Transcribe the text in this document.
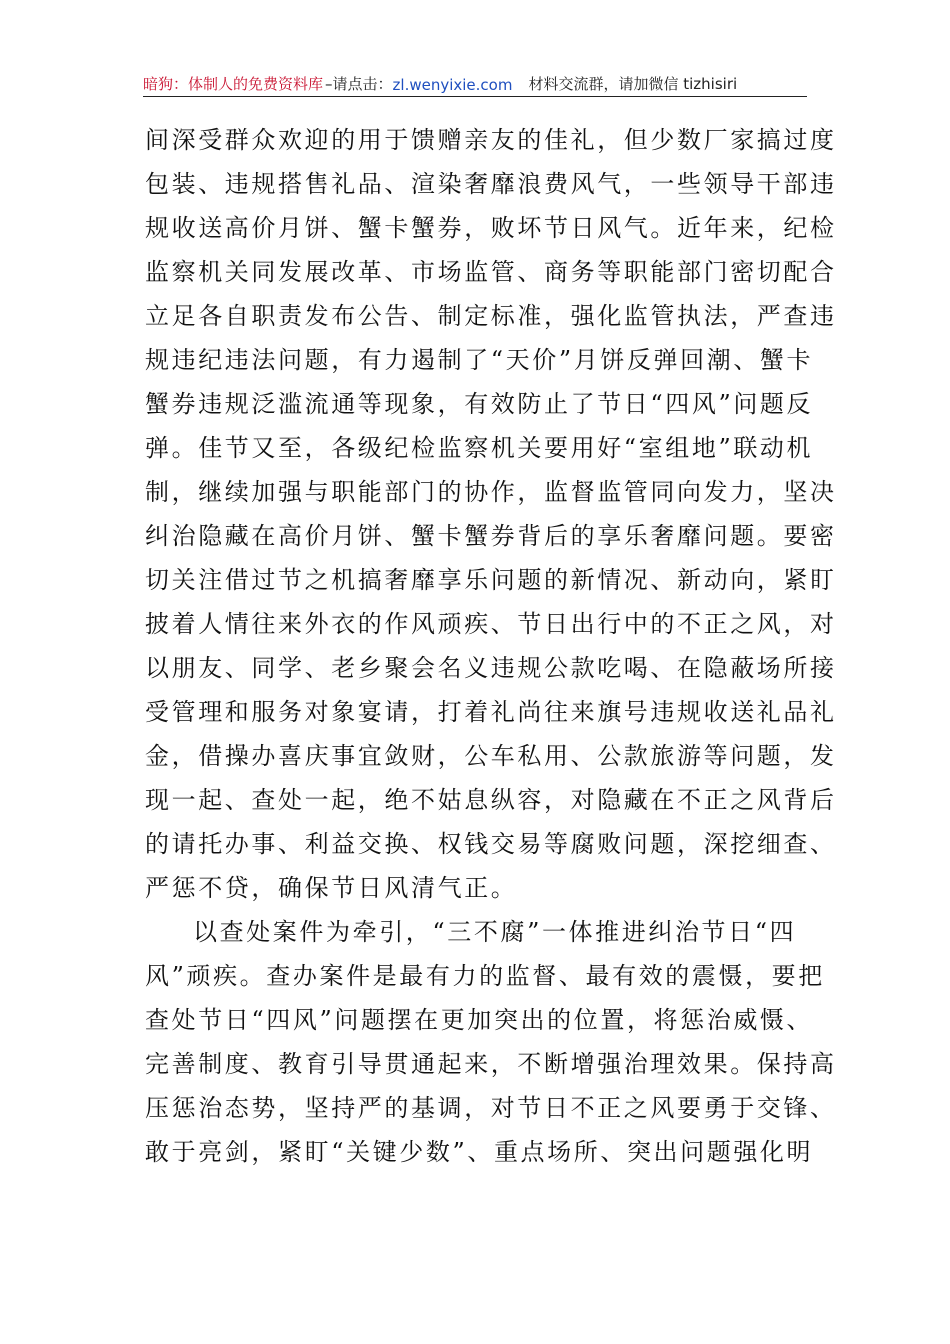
暗狗：体制人的免费资料库 –请点击： zl.wenyixie.com 材料交流群，请加微信 tizhisiri
间深受群众欢迎的用于馈赠亲友的佳礼，但少数厂家搞过度
包装、违规搭售礼品、渲染奢靡浪费风气，一些领导干部违
规收送高价月饼、蟹卡蟹券，败坏节日风气。近年来，纪检
监察机关同发展改革、市场监管、商务等职能部门密切配合
立足各自职责发布公告、制定标准，强化监管执法，严查违
规违纪违法问题，有力遏制了“天价”月饼反弹回潮、蟹卡
蟹券违规泛滥流通等现象，有效防止了节日“四风”问题反
弹。佳节又至，各级纪检监察机关要用好“室组地”联动机
制，继续加强与职能部门的协作，监督监管同向发力，坚决
纠治隐藏在高价月饼、蟹卡蟹券背后的享乐奢靡问题。要密
切关注借过节之机搞奢靡享乐问题的新情况、新动向，紧盯
披着人情往来外衣的作风顽疾、节日出行中的不正之风，对
以朋友、同学、老乡聚会名义违规公款吃喝、在隐蔽场所接
受管理和服务对象宴请，打着礼尚往来旗号违规收送礼品礼
金，借操办喜庆事宜敛财，公车私用、公款旅游等问题，发
现一起、查处一起，绝不姑息纵容，对隐藏在不正之风背后
的请托办事、利益交换、权钱交易等腐败问题，深挖细查、
严惩不贷，确保节日风清气正。
以查处案件为牵引，“三不腐”一体推进纠治节日“四
风”顽疾。查办案件是最有力的监督、最有效的震慑，要把
查处节日“四风”问题摆在更加突出的位置，将惩治威慑、
完善制度、教育引导贯通起来，不断增强治理效果。保持高
压惩治态势，坚持严的基调，对节日不正之风要勇于交锋、
敢于亮剑，紧盯“关键少数”、重点场所、突出问题强化明
